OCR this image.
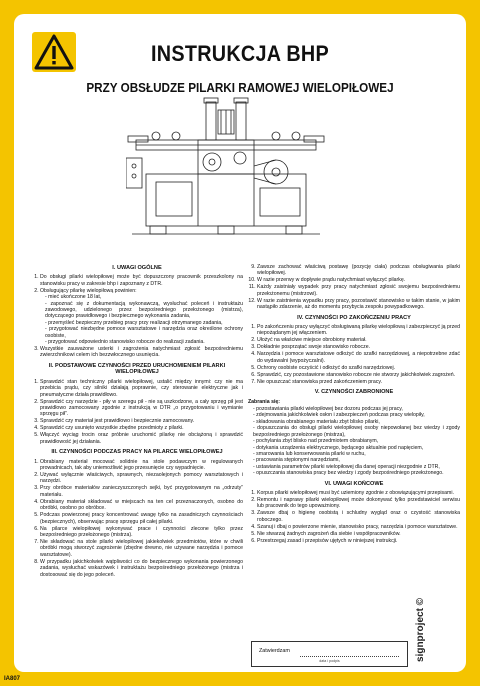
INSTRUKCJA BHP
PRZY OBSŁUDZE PILARKI RAMOWEJ WIELOPIŁOWEJ
I. UWAGI OGÓLNE
1. Do obsługi pilarki wielopiłowej może być dopuszczony pracownik przeszkolony na stanowisku pracy w zakresie bhp i zapoznany z DTR.
2. Obsługujący pilarkę wielopiłową powinien:
- mieć ukończone 18 lat,
- zapoznać się z dokumentacją wykonawczą, wysłuchać poleceń i instruktażu zawodowego, udzielonego przez bezpośredniego przełożonego (mistrza), dotyczącego prawidłowego i bezpiecznego wykonania zadania,
- przemyśleć bezpieczny przebieg pracy przy realizacji otrzymanego zadania,
- przygotować niezbędne pomoce warsztatowe i narzędzia oraz określone ochrony osobiste,
- przygotować odpowiednio stanowisko robocze do realizacji zadania.
3. Wszystkie zauważone usterki i zagrożenia natychmiast zgłosić bezpośredniemu zwierzchnikowi celem ich bezzwłocznego usunięcia.
II. PODSTAWOWE CZYNNOŚCI PRZED URUCHOMIENIEM PILARKI WIELOPIŁOWEJ
1. Sprawdzić stan techniczny pilarki wielopiłowej, ustalić między innymi: czy nie ma przebicia prądu, czy silniki działają poprawnie, czy sterowanie elektryczne jak i pneumatyczne działa prawidłowo.
2. Sprawdzić czy narzędzie - piły w szeregu pił - nie są uszkodzone, a cały sprzęg pił jest prawidłowo zamocowany zgodnie z instrukcją w DTR „o przygotowaniu i wymianie sprzęgu pił”.
3. Sprawdzić czy materiał jest prawidłowo i bezpiecznie zamocowany.
4. Sprawdzić czy usunięto wszystkie zbędne przedmioty z pilarki.
5. Włączyć wyciąg trocin oraz próbnie uruchomić pilarkę nie obciążoną i sprawdzić prawidłowość jej działania.
III. CZYNNOŚCI PODCZAS PRACY NA PILARCE WIELOPIŁOWEJ
1. Obrabiany materiał mocować solidnie na stole podawczym w regulowanych prowadnicach, tak aby uniemożliwić jego przesunięcie czy wypadnięcie.
2. Używać wyłącznie właściwych, sprawnych, niezaolejonych pomocy warsztatowych i narzędzi.
3. Przy obróbce materiałów zanieczyszczonych sejki, być przygotowanym na „odrzuty” materiału.
4. Obrabiany materiał składować w miejscach na ten cel przeznaczonych, osobno do obróbki, osobno po obróbce.
5. Podczas powierzonej pracy koncentrować uwagę tylko na zasadniczych czynnościach (bezpiecznych), obserwując pracę sprzęgu pił całej pilarki.
6. Na pilarce wielopiłowej wykonywać prace i czynności zlecone tylko przez bezpośredniego przełożonego (mistrza).
7. Nie składować na stole pilarki wielopiłowej jakiekolwiek przedmiotów, które w chwili obróbki mogą stworzyć zagrożenie (zbędne drewno, nie używane narzędzia i pomoce warsztatowe).
8. W przypadku jakichkolwiek wątpliwości co do bezpiecznego wykonania powierzonego zadania, wysłuchać wskazówek i instruktażu bezpośredniego przełożonego (mistrza i dostosować się do jego poleceń.
9. Zawsze zachować właściwą postawę (pozycję ciała) podczas obsługiwania pilarki wielopiłowej.
10. W razie przerwy w dopływie prądu natychmiast wyłączyć pilarkę.
11. Każdy zaistniały wypadek przy pracy natychmiast zgłosić swojemu bezpośredniemu przełożonemu (mistrzowi).
12. W razie zaistnienia wypadku przy pracy, pozostawić stanowisko w takim stanie, w jakim nastąpiło zdarzenie, aż do momentu przybycia zespołu powypadkowego.
IV. CZYNNOŚCI PO ZAKOŃCZENIU PRACY
1. Po zakończeniu pracy wyłączyć obsługiwaną pilarkę wielopiłową i zabezpieczyć ją przed niepożądanym jej włączeniem.
2. Ułożyć na właściwe miejsce obrobiony materiał.
3. Dokładnie posprzątać swoje stanowisko robocze.
4. Narzędzia i pomoce warsztatowe odłożyć do szafki narzędziowej, a niepotrzebne zdać do wydawalni (wypożyczalni).
5. Ochrony osobiste oczyścić i odłożyć do szafki narzędziowej.
6. Sprawdzić, czy pozostawione stanowisko robocze nie stworzy jakichkolwiek zagrożeń.
7. Nie opuszczać stanowiska przed zakończeniem pracy.
V. CZYNNOŚCI ZABRONIONE
Zabrania się:
- pozostawiania pilarki wielopiłowej bez dozoru podczas jej pracy,
- zdejmowania jakichkolwiek osłon i zabezpieczeń podczas pracy wielopiły,
- składowania obrabianego materiału zbyt blisko pilarki,
- dopuszczania do obsługi pilarki wielopiłowej osoby niepowołanej bez wiedzy i zgody bezpośredniego przełożonego (mistrza),
- pochylania zbyt blisko nad przedmiotem obrabianym,
- dotykania urządzenia elektrycznego, będącego aktualnie pod napięciem,
- smarowania lub konserwowania pilarki w ruchu,
- pracowania stępionymi narzędziami,
- ustawiania parametrów pilarki wielopiłowej dla danej operacji niezgodnie z DTR,
- opuszczania stanowiska pracy bez wiedzy i zgody bezpośredniego przełożonego.
VI. UWAGI KOŃCOWE
1. Korpus pilarki wielopiłowej musi być uziemiony zgodnie z obowiązującymi przepisami.
2. Remontu i naprawy pilarki wielopiłowej może dokonywać tylko przedstawiciel serwisu lub pracownik do tego upoważniony.
3. Zawsze dbaj o higienę osobistą i schludny wygląd oraz o czystość stanowiska roboczego.
4. Szanuj i dbaj o powierzone mienie, stanowisko pracy, narzędzia i pomoce warsztatowe.
5. Nie stwarzaj żadnych zagrożeń dla siebie i współpracowników.
6. Przestrzegaj zasad i przepisów ujętych w niniejszej instrukcji.
Zatwierdzam
data i podpis	signproject ©
IA807
